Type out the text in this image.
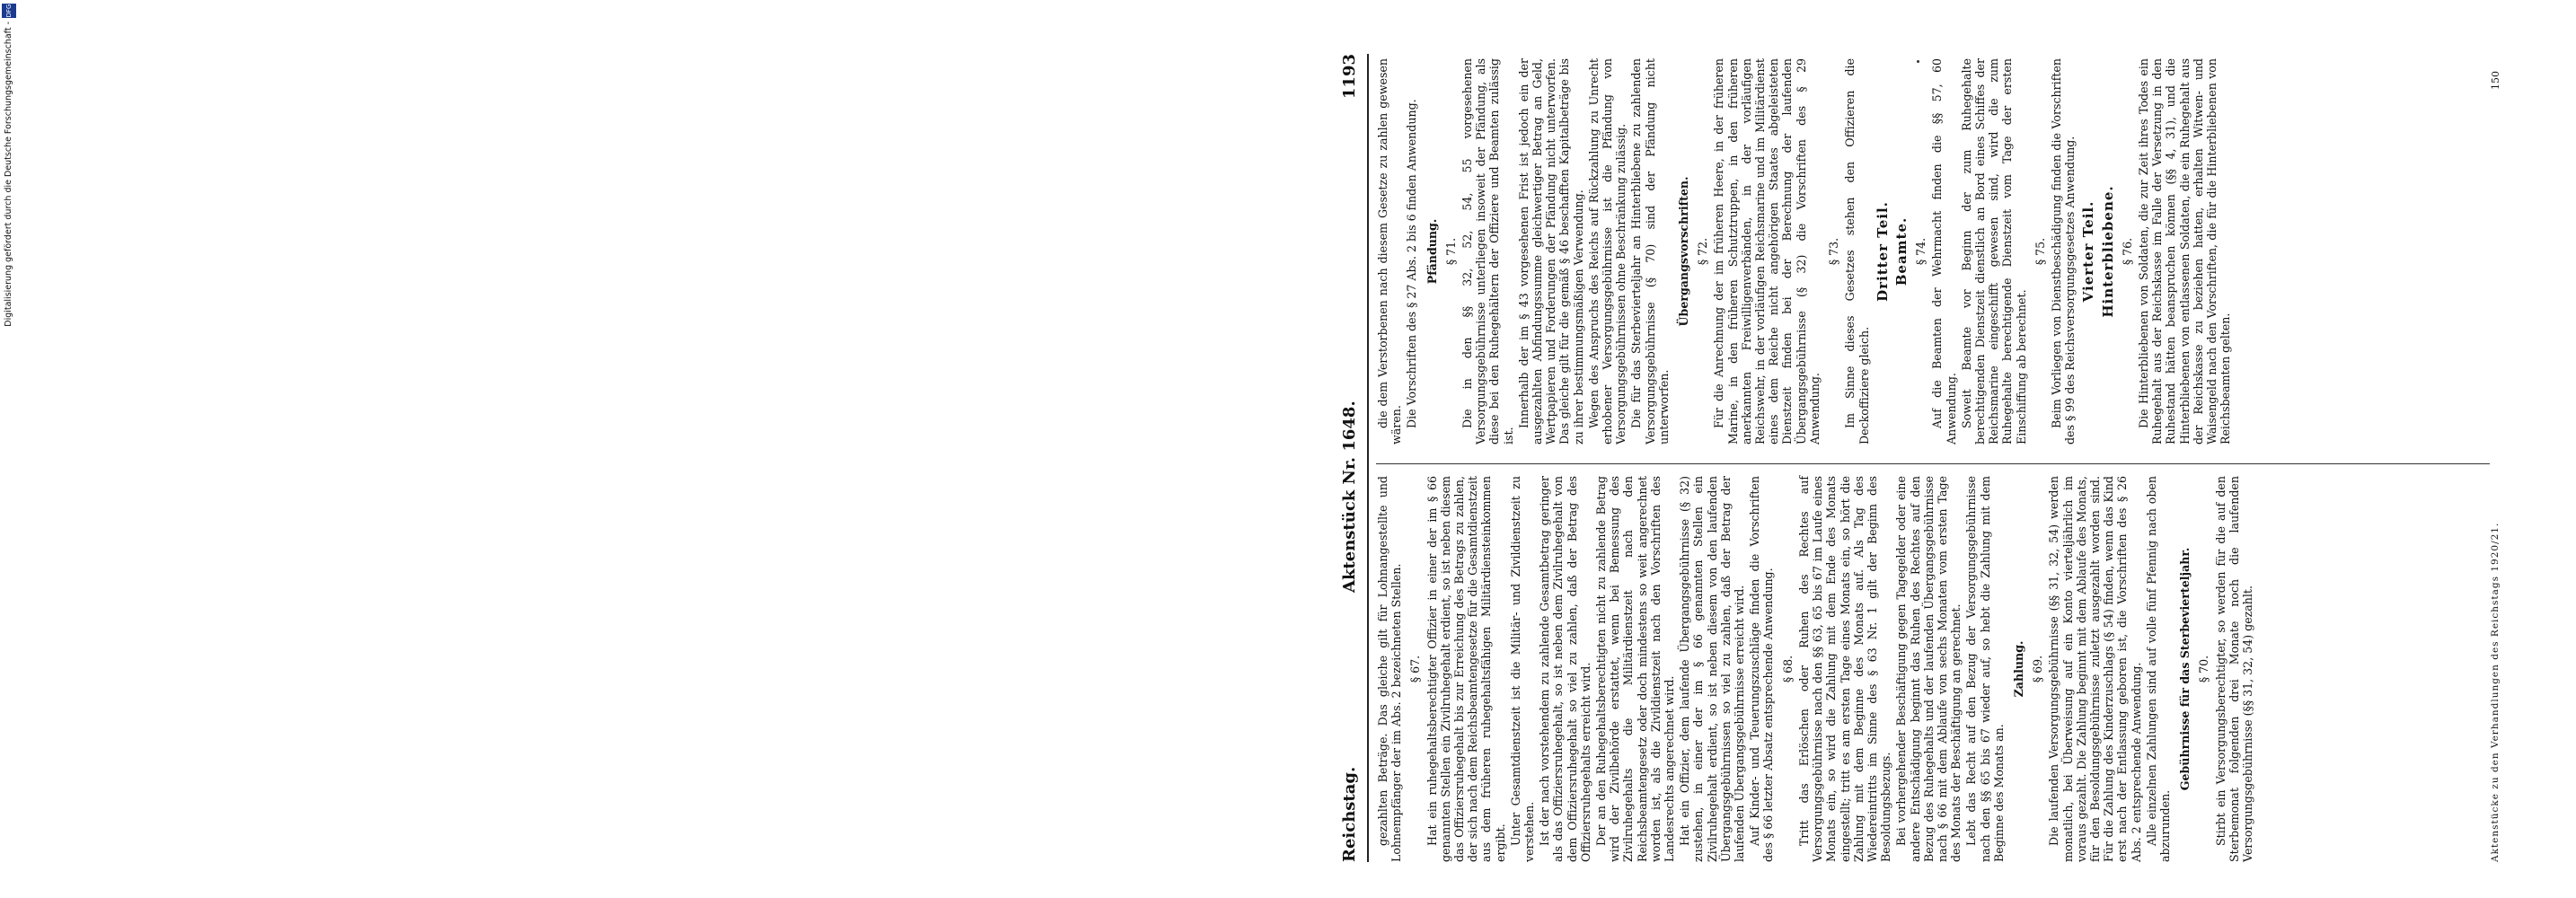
Reichstag.
Aktenstück Nr. 1648.
1193
gezahlten Beträge. Das gleiche gilt für Lohnangestellte und Lohnempfänger der im Abs. 2 bezeichneten Stellen. § 67. Hat ein ruhegehaltsberechtigter Offizier in einer der im § 66 genannten Stellen ein Zivilruhegehalt erdient, so ist neben diesem das Offiziersruhegehalt bis zur Erreichung des Betrags zu zahlen, der sich nach dem Reichsbeamtengesetze für die Gesamtdienstzeit aus dem früheren ruhegehaltsfähigen Militärdiensteinkommen ergibt. Unter Gesamtdienstzeit ist die Militär- und Zivildienstzeit zu verstehen. Ist der nach vorstehendem zu zahlende Gesamtbetrag geringer als das Offiziersruhegehalt, so ist neben dem Zivilruhegehalt von dem Offiziersruhegehalt so viel zu zahlen, daß der Betrag des Offiziersruhegehalts erreicht wird. Der an den Ruhegehaltsberechtigten nicht zu zahlende Betrag wird der Zivilbehörde erstattet, wenn bei Bemessung des Zivilruhegehalts die Militärdienstzeit nach den Reichsbeamtengesetz oder doch mindestens so weit angerechnet worden ist, als die Zivildienstzeit nach den Vorschriften des Landesrechts angerechnet wird. Hat ein Offizier, dem laufende Übergangsgebührnisse (§ 32) zustehen, in einer der im § 66 genannten Stellen ein Zivilruhegehalt erdient, so ist neben diesem von den laufenden Übergangsgebührnissen so viel zu zahlen, daß der Betrag der laufenden Übergangsgebührnisse erreicht wird. Auf Kinder- und Teuerungszuschläge finden die Vorschriften des § 66 letzter Absatz entsprechende Anwendung. § 68. Tritt das Erlöschen oder Ruhen des Rechtes auf Versorgungsgebührnisse nach den §§ 63, 65 bis 67 im Laufe eines Monats ein, so wird die Zahlung mit dem Ende des Monats eingestellt; tritt es am ersten Tage eines Monats ein, so hört die Zahlung mit dem Beginne des Monats auf. Als Tag des Wiedereintritts im Sinne des § 63 Nr. 1 gilt der Beginn des Besoldungsbezugs. Bei vorhergehender Beschäftigung gegen Tagegelder oder eine andere Entschädigung beginnt das Ruhen des Rechtes auf den Bezug des Ruhegehalts und der laufenden Übergangsgebührnisse nach § 66 mit dem Ablaufe von sechs Monaten vom ersten Tage des Monats der Beschäftigung an gerechnet. Lebt das Recht auf den Bezug der Versorgungsgebührnisse nach den §§ 65 bis 67 wieder auf, so hebt die Zahlung mit dem Beginne des Monats an.
Zahlung. § 69. Die laufenden Versorgungsgebührnisse (§§ 31, 32, 54) werden monatlich, bei Überweisung auf ein Konto vierteljährlich im voraus gezahlt. Die Zahlung beginnt mit dem Ablaufe des Monats, für den Besoldungsgebührnisse zuletzt ausgezahlt worden sind. Für die Zahlung des Kinderzuschlags (§ 54) finden, wenn das Kind erst nach der Entlassung geboren ist, die Vorschriften des § 26 Abs. 2 entsprechende Anwendung. Alle einzelnen Zahlungen sind auf volle fünf Pfennig nach oben abzurunden.
Gebührnisse für das Sterbevierteljahr. § 70. Stirbt ein Versorgungsberechtigter, so werden für die auf den Sterbemonat folgenden drei Monate noch die laufenden Versorgungsgebührnisse (§§ 31, 32, 54) gezahlt.
die dem Verstorbenen nach diesem Gesetze zu zahlen gewesen wären. Die Vorschriften des § 27 Abs. 2 bis 6 finden Anwendung. Pfändung. § 71. Die in den §§ 32, 52, 54, 55 vorgesehenen Versorgungsgebührnisse unterliegen insoweit der Pfändung, als diese bei den Ruhegehältern der Offiziere und Beamten zulässig ist.
Innerhalb der im § 43 vorgesehenen Frist ist jedoch ein der ausgezahlten Abfindungssumme gleichwertiger Betrag an Geld, Wertpapieren und Forderungen der Pfändung nicht unterworfen. Das gleiche gilt für die gemäß § 46 beschafften Kapitalbeträge bis zu ihrer bestimmungsmäßigen Verwendung. Wegen des Anspruchs des Reichs auf Rückzahlung zu Unrecht erhobener Versorgungsgebührnisse ist die Pfändung von Versorgungsgebührnissen ohne Beschränkung zulässig. Die für das Sterbevierteljahr an Hinterbliebene zu zahlenden Versorgungsgebührnisse (§ 70) sind der Pfändung nicht unterworfen.
Übergangsvorschriften. § 72. Für die Anrechnung der im früheren Heere, in der früheren Marine, in den früheren Schutztruppen, in den früheren anerkannten Freiwilligenverbänden, in der vorläufigen Reichswehr, in der vorläufigen Reichsmarine und im Militärdienst eines dem Reiche nicht angehörigen Staates abgeleisteten Dienstzeit finden bei der Berechnung der laufenden Übergangsgebührnisse (§ 32) die Vorschriften des § 29 Anwendung.
§ 73. Im Sinne dieses Gesetzes stehen den Offizieren die Deckoffiziere gleich.
Dritter Teil. Beamte. § 74. Auf die Beamten der Wehrmacht finden die §§ 57, 60 Anwendung. Soweit Beamte vor Beginn der zum Ruhegehalte berechtigenden Dienstzeit dienstlich an Bord eines Schiffes der Reichsmarine eingeschifft gewesen sind, wird die zum Ruhegehalte berechtigende Dienstzeit vom Tage der ersten Einschiffung ab berechnet.
§ 75. Beim Vorliegen von Dienstbeschädigung finden die Vorschriften des § 99 des Reichsversorgungsgesetzes Anwendung. Vierter Teil. Hinterbliebene. § 76. Die Hinterbliebenen von Soldaten, die zur Zeit ihres Todes ein Ruhegehalt aus der Reichskasse im Falle der Versetzung in den Ruhestand hätten beanspruchen können (§§ 4, 31), und die Hinterbliebenen von entlassenen Soldaten, die ein Ruhegehalt aus der Reichskasse zu beziehen hatten, erhalten Witwen- und Waisengeld nach den Vorschriften, die für die Hinterbliebenen von Reichsbeamten gelten.
Aktenstücke zu den Verhandlungen des Reichstags 1920/21.
150
Digitalisierung gefördert durch die Deutsche Forschungsgemeinschaft -
DFG
